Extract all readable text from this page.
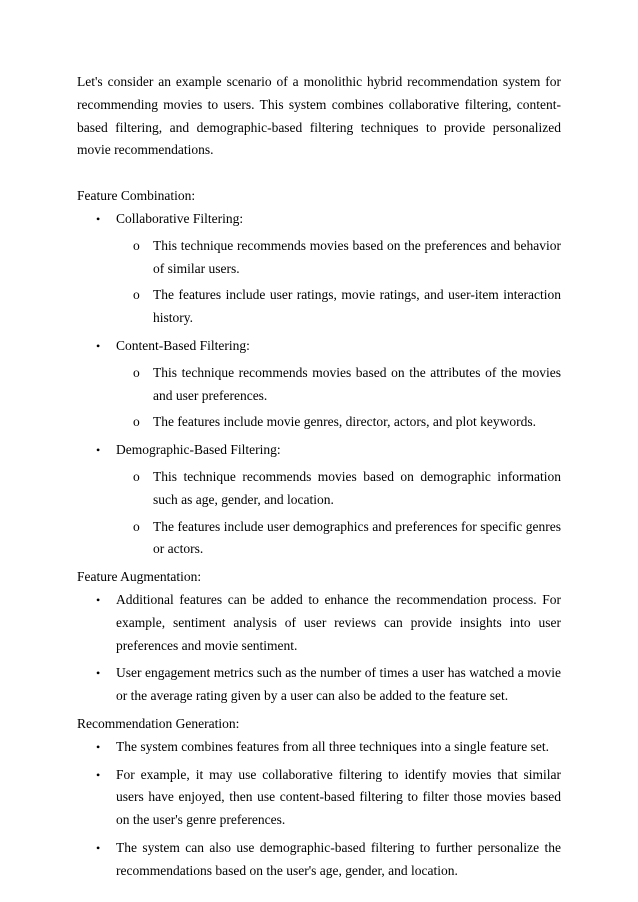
Let's consider an example scenario of a monolithic hybrid recommendation system for recommending movies to users. This system combines collaborative filtering, content-based filtering, and demographic-based filtering techniques to provide personalized movie recommendations.

Feature Combination:

• Collaborative Filtering:
o This technique recommends movies based on the preferences and behavior of similar users.
o The features include user ratings, movie ratings, and user-item interaction history.
• Content-Based Filtering:
o This technique recommends movies based on the attributes of the movies and user preferences.
o The features include movie genres, director, actors, and plot keywords.
• Demographic-Based Filtering:
o This technique recommends movies based on demographic information such as age, gender, and location.
o The features include user demographics and preferences for specific genres or actors.

Feature Augmentation:

• Additional features can be added to enhance the recommendation process. For example, sentiment analysis of user reviews can provide insights into user preferences and movie sentiment.
• User engagement metrics such as the number of times a user has watched a movie or the average rating given by a user can also be added to the feature set.

Recommendation Generation:

• The system combines features from all three techniques into a single feature set.
• For example, it may use collaborative filtering to identify movies that similar users have enjoyed, then use content-based filtering to filter those movies based on the user's genre preferences.
• The system can also use demographic-based filtering to further personalize the recommendations based on the user's age, gender, and location.
